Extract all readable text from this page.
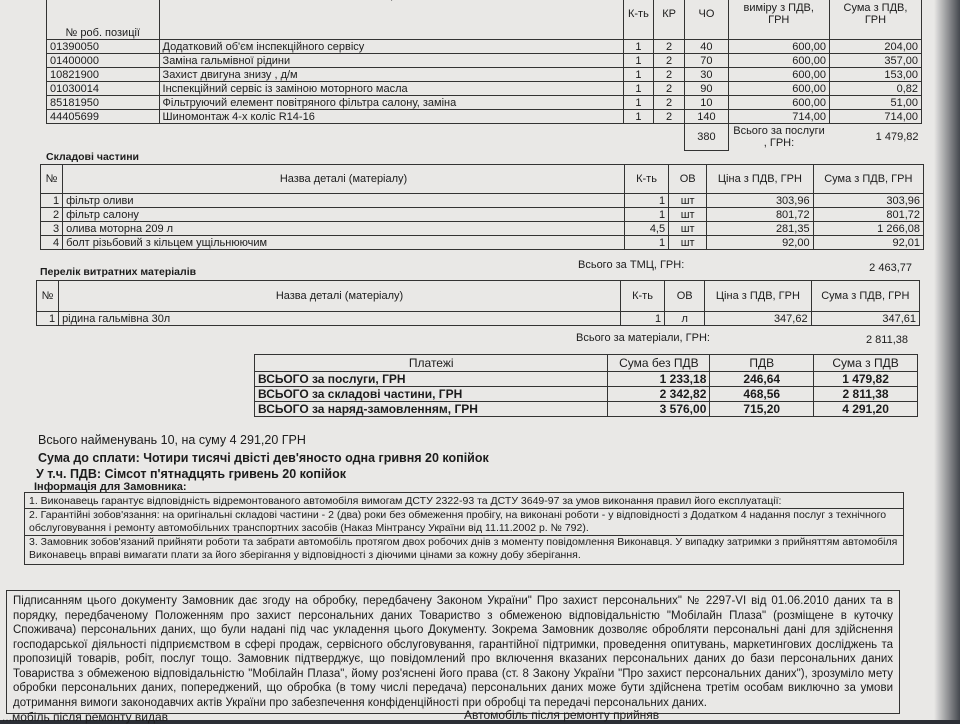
№ роб. позиції		К-ть	КР	ЧО	виміру з ПДВ, ГРН	Сума з ПДВ, ГРН
01390050	Додатковий об'єм інспекційного сервісу	1	2	40	600,00	204,00
01400000	Заміна гальмівної рідини	1	2	70	600,00	357,00
10821900	Захист двигуна знизу , д/м	1	2	30	600,00	153,00
01030014	Інспекційний сервіс із заміною моторного масла	1	2	90	600,00	0,82
85181950	Фільтруючий елемент повітряного фільтра салону, заміна	1	2	10	600,00	51,00
44405699	Шиномонтаж 4-х коліс R14-16	1	2	140	714,00	714,00
				380	Всього за послуги , ГРН:	1 479,82
Складові частини
№	Назва деталі (матеріалу)	К-ть	ОВ	Ціна з ПДВ, ГРН	Сума з ПДВ, ГРН
1	фільтр оливи	1	шт	303,96	303,96
2	фільтр салону	1	шт	801,72	801,72
3	олива моторна 209 л	4,5	шт	281,35	1 266,08
4	болт різьбовий з кільцем ущільнюючим	1	шт	92,00	92,01
Всього за ТМЦ, ГРН:	2 463,77
Перелік витратних матеріалів
№	Назва деталі (матеріалу)	К-ть	ОВ	Ціна з ПДВ, ГРН	Сума з ПДВ, ГРН
1	рідина гальмівна 30л	1	л	347,62	347,61
Всього за матеріали, ГРН:	2 811,38
Платежі	Сума без ПДВ	ПДВ	Сума з ПДВ
ВСЬОГО за послуги, ГРН	1 233,18	246,64	1 479,82
ВСЬОГО за складові частини, ГРН	2 342,82	468,56	2 811,38
ВСЬОГО за наряд-замовленням, ГРН	3 576,00	715,20	4 291,20
Всього найменувань 10, на суму 4 291,20 ГРН
Сума до сплати: Чотири тисячі двісті дев'яносто одна гривня 20 копійок
У т.ч. ПДВ: Сімсот п'ятнадцять гривень 20 копійок
Інформація для Замовника:
1. Виконавець гарантує відповідність відремонтованого автомобіля вимогам ДСТУ 2322-93 та ДСТУ 3649-97 за умов виконання правил його експлуатації:
2. Гарантійні зобов'язання: на оригінальні складові частини - 2 (два) роки без обмеження пробігу, на виконані роботи - у відповідності з Додатком 4 надання послуг з технічного обслуговування і ремонту автомобільних транспортних засобів (Наказ Мінтрансу України від 11.11.2002 р. № 792).
3. Замовник зобов'язаний прийняти роботи та забрати автомобіль протягом двох робочих днів з моменту повідомлення Виконавця. У випадку затримки з прийняттям автомобіля Виконавець вправі вимагати плати за його зберігання у відповідності з діючими цінами за кожну добу зберігання.
Підписанням цього документу Замовник дає згоду на обробку, передбачену Законом України" Про захист персональних" № 2297-VI від 01.06.2010 даних та в порядку, передбаченому Положенням про захист персональних даних Товариство з обмеженою відповідальністю "Мобілайн Плаза" (розміщене в куточку Споживача) персональних даних, що були надані під час укладення цього Документу. Зокрема Замовник дозволяє обробляти персональні дані для здійснення господарської діяльності підприємством в сфері продаж, сервісного обслуговування, гарантійної підтримки, проведення опитувань, маркетингових досліджень та пропозицій товарів, робіт, послуг тощо. Замовник підтверджує, що повідомлений про включення вказаних персональних даних до бази персональних даних Товариства з обмеженою відповідальністю "Мобілайн Плаза", йому роз'яснені його права (ст. 8 Закону України "Про захист персональних даних"), зрозуміло мету обробки персональних даних, попереджений, що обробка (в тому числі передача) персональних даних може бути здійснена третім особам виключно за умови дотримання вимоги законодавчих актів України про забезпечення конфіденційності при обробці та передачі персональних даних.
...мобіль після ремонту видав	Автомобіль після ремонту прийняв
